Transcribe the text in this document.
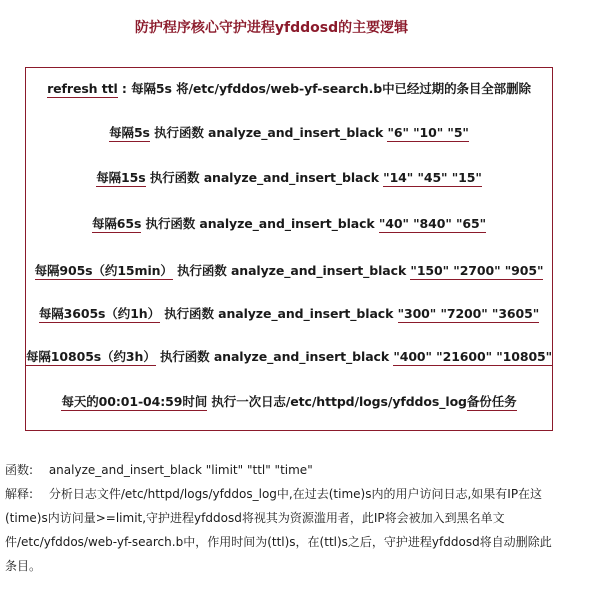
防护程序核心守护进程yfddosd的主要逻辑
refresh ttl : 每隔5s 将/etc/yfddos/web-yf-search.b中已经过期的条目全部删除
每隔5s 执行函数 analyze_and_insert_black "6" "10" "5"
每隔15s 执行函数 analyze_and_insert_black "14" "45" "15"
每隔65s 执行函数 analyze_and_insert_black "40" "840" "65"
每隔905s（约15min） 执行函数 analyze_and_insert_black "150" "2700" "905"
每隔3605s（约1h） 执行函数 analyze_and_insert_black "300" "7200" "3605"
每隔10805s（约3h） 执行函数 analyze_and_insert_black "400" "21600" "10805"
每天的00:01-04:59时间 执行一次日志/etc/httpd/logs/yfddos_log备份任务
函数: analyze_and_insert_black "limit" "ttl" "time"
解释: 分析日志文件/etc/httpd/logs/yfddos_log中,在过去(time)s内的用户访问日志,如果有IP在这
(time)s内访问量>=limit,守护进程yfddosd将视其为资源滥用者，此IP将会被加入到黑名单文
件/etc/yfddos/web-yf-search.b中，作用时间为(ttl)s，在(ttl)s之后，守护进程yfddosd将自动删除此
条目。
